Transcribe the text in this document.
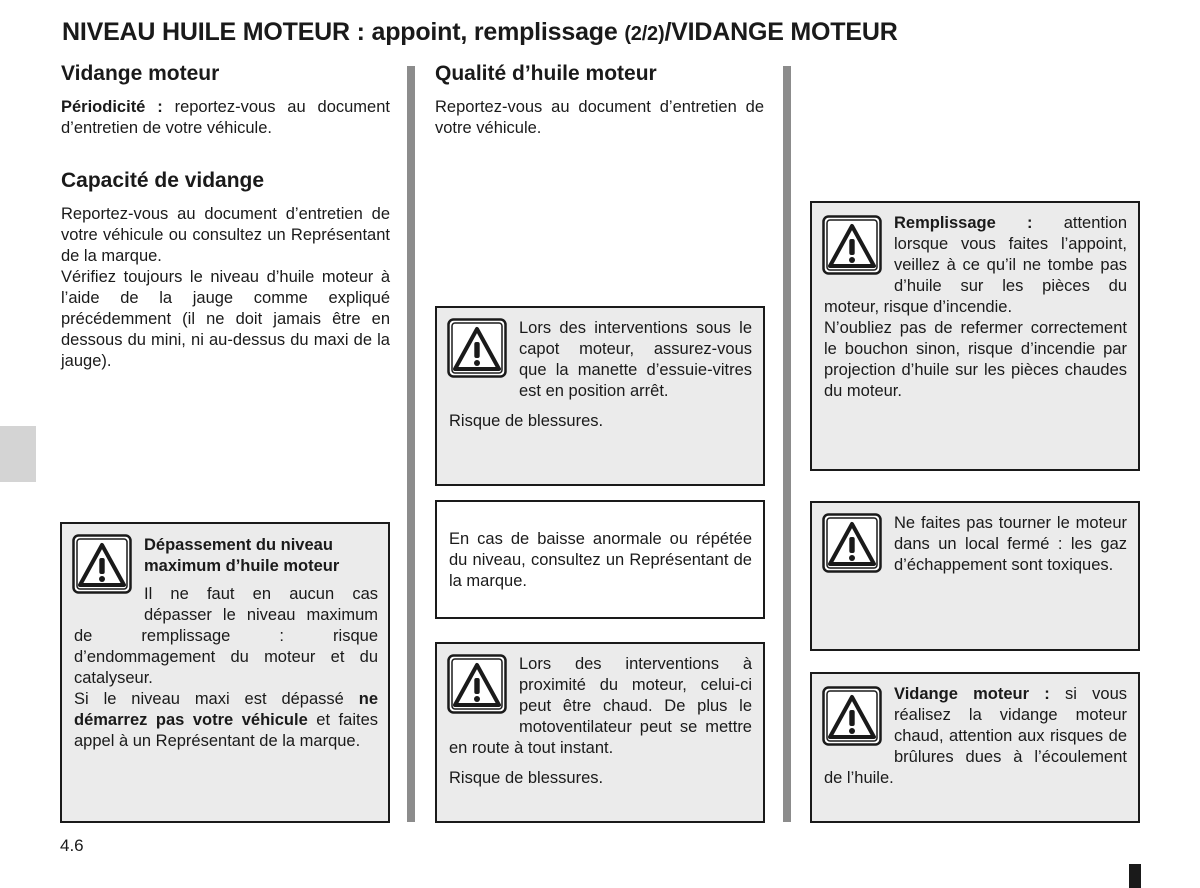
NIVEAU HUILE MOTEUR : appoint, remplissage (2/2)/VIDANGE MOTEUR
Vidange moteur
Périodicité : reportez-vous au document d’entretien de votre véhicule.
Capacité de vidange

Reportez-vous au document d’entretien de votre véhicule ou consultez un Représentant de la marque.

Vérifiez toujours le niveau d’huile moteur à l’aide de la jauge comme expliqué précédemment (il ne doit jamais être en dessous du mini, ni au-dessus du maxi de la jauge).

Dépassement du niveau maximum d’huile moteur

Il ne faut en aucun cas dépasser le niveau maximum de remplissage : risque d’endommagement du moteur et du catalyseur.

Si le niveau maxi est dépassé ne démarrez pas votre véhicule et faites appel à un Représentant de la marque.

Qualité d’huile moteur
Reportez-vous au document d’entretien de votre véhicule.

Lors des interventions sous le capot moteur, assurez-vous que la manette d’essuie-vitres est en position arrêt.

Risque de blessures.

En cas de baisse anormale ou répétée du niveau, consultez un Représentant de la marque.

Lors des interventions à proximité du moteur, celui-ci peut être chaud. De plus le motoventilateur peut se mettre en route à tout instant.

Risque de blessures.

Remplissage : attention lorsque vous faites l’appoint, veillez à ce qu’il ne tombe pas d’huile sur les pièces du moteur, risque d’incendie.

N’oubliez pas de refermer correctement le bouchon sinon, risque d’incendie par projection d’huile sur les pièces chaudes du moteur.

Ne faites pas tourner le moteur dans un local fermé : les gaz d’échappement sont toxiques.

Vidange moteur : si vous réalisez la vidange moteur chaud, attention aux risques de brûlures dues à l’écoulement de l’huile.

4.6
